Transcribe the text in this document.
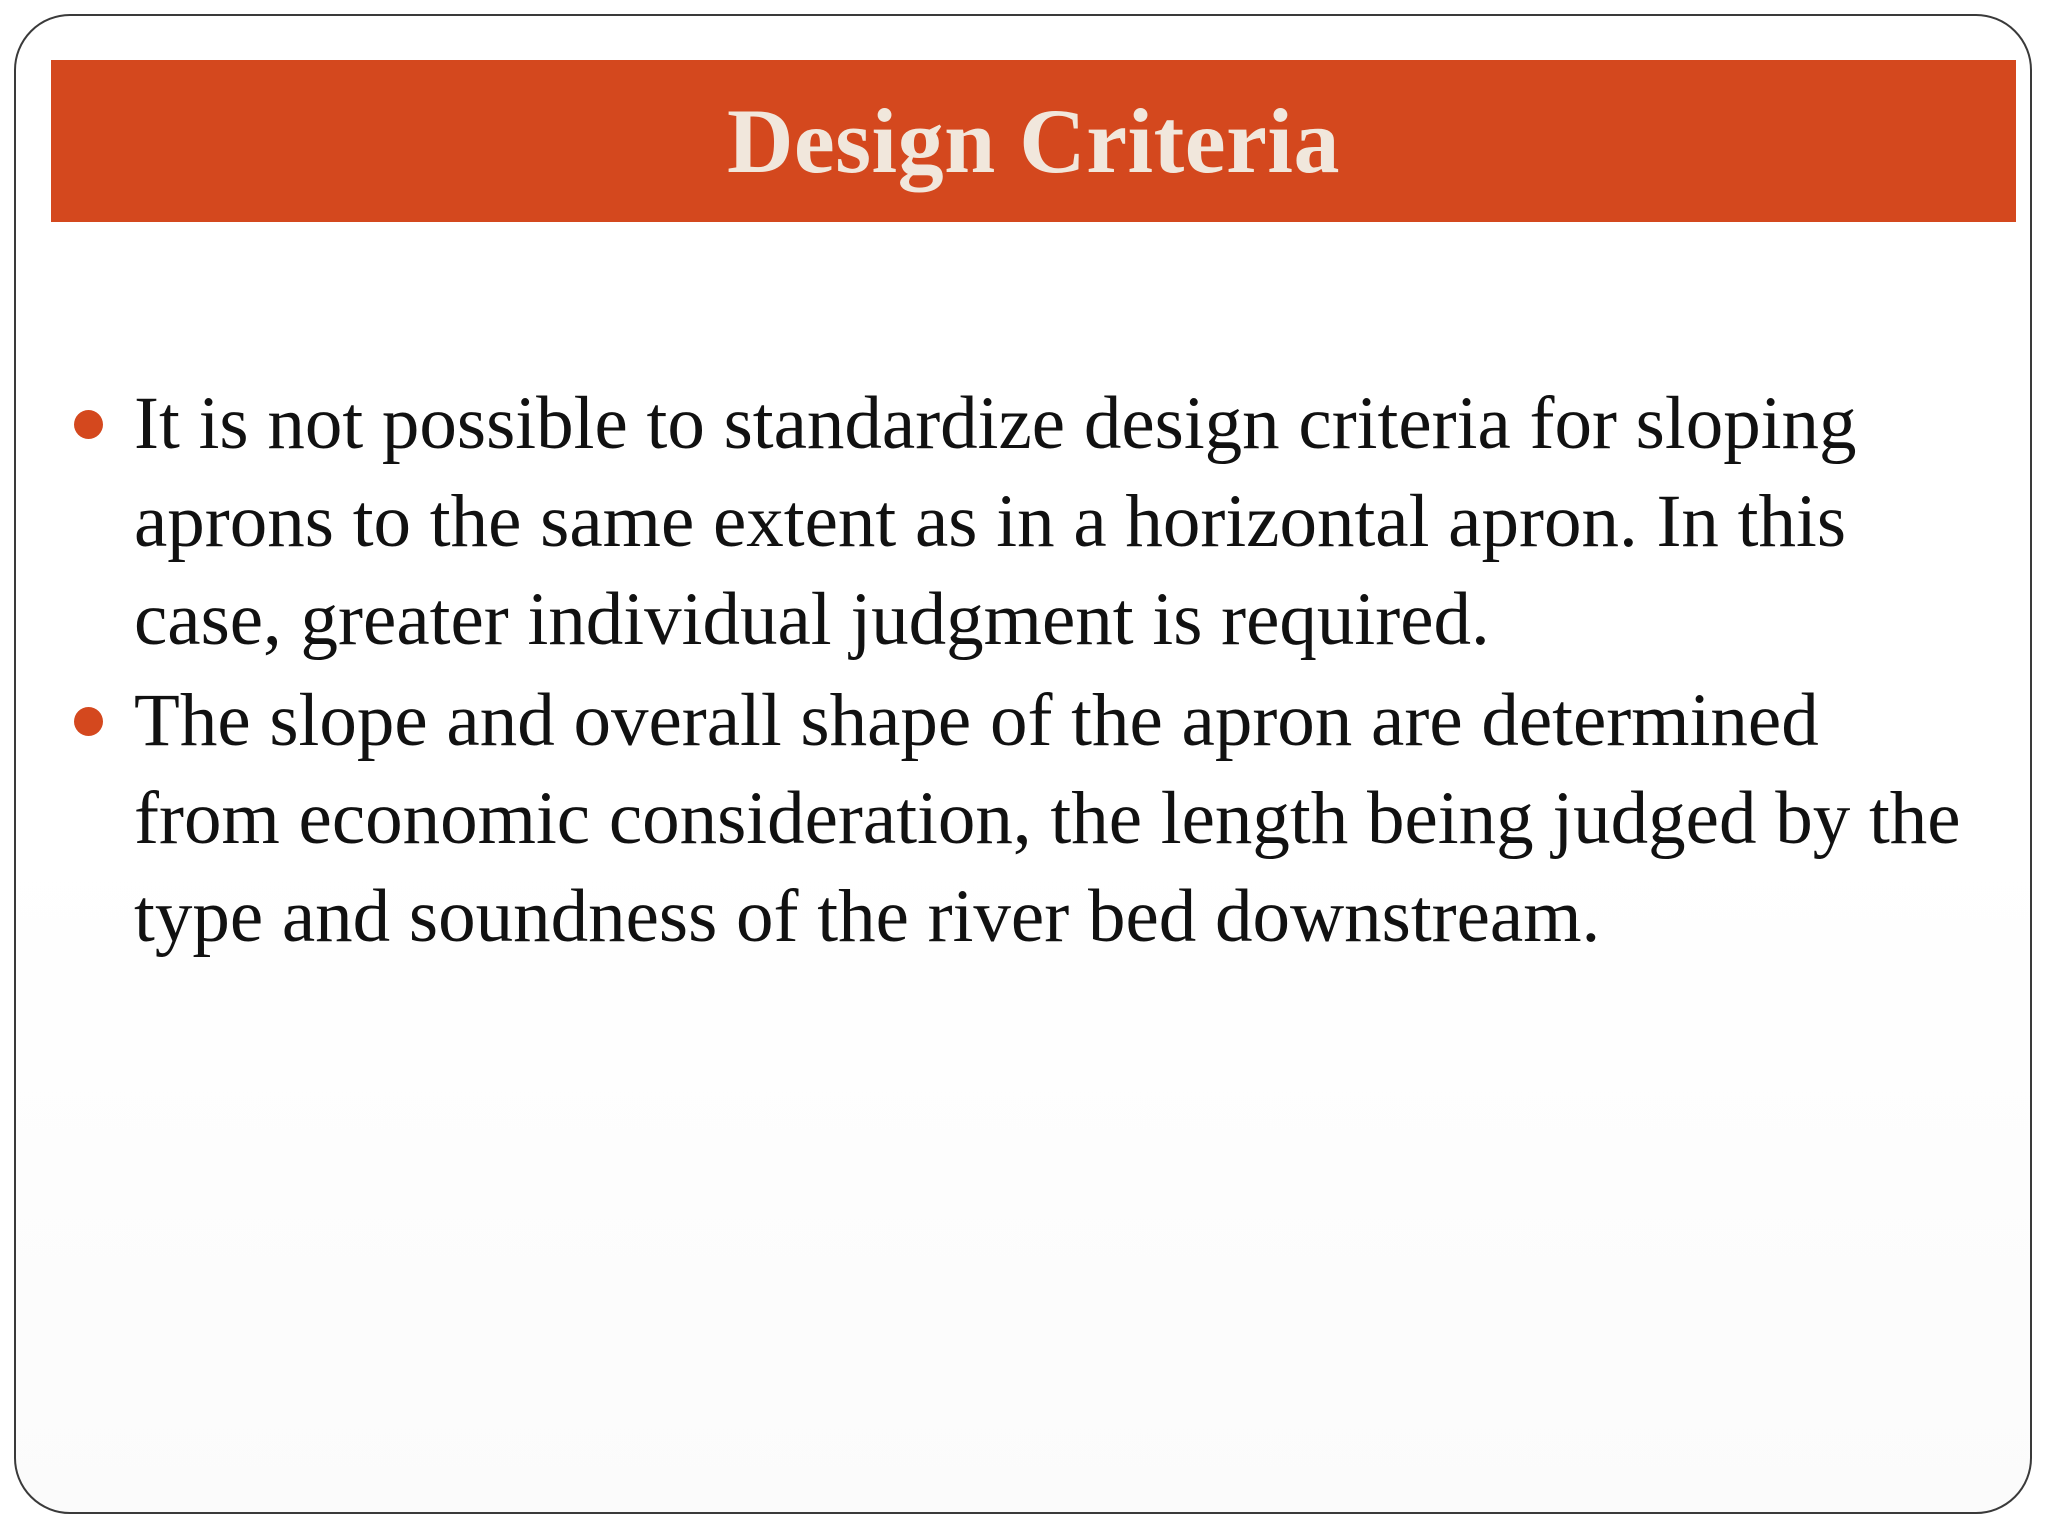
Design Criteria
It is not possible to standardize design criteria for sloping aprons to the same extent as in a horizontal apron. In this case, greater individual judgment is required.
The slope and overall shape of the apron are determined from economic consideration, the length being judged by the type and soundness of the river bed downstream.
